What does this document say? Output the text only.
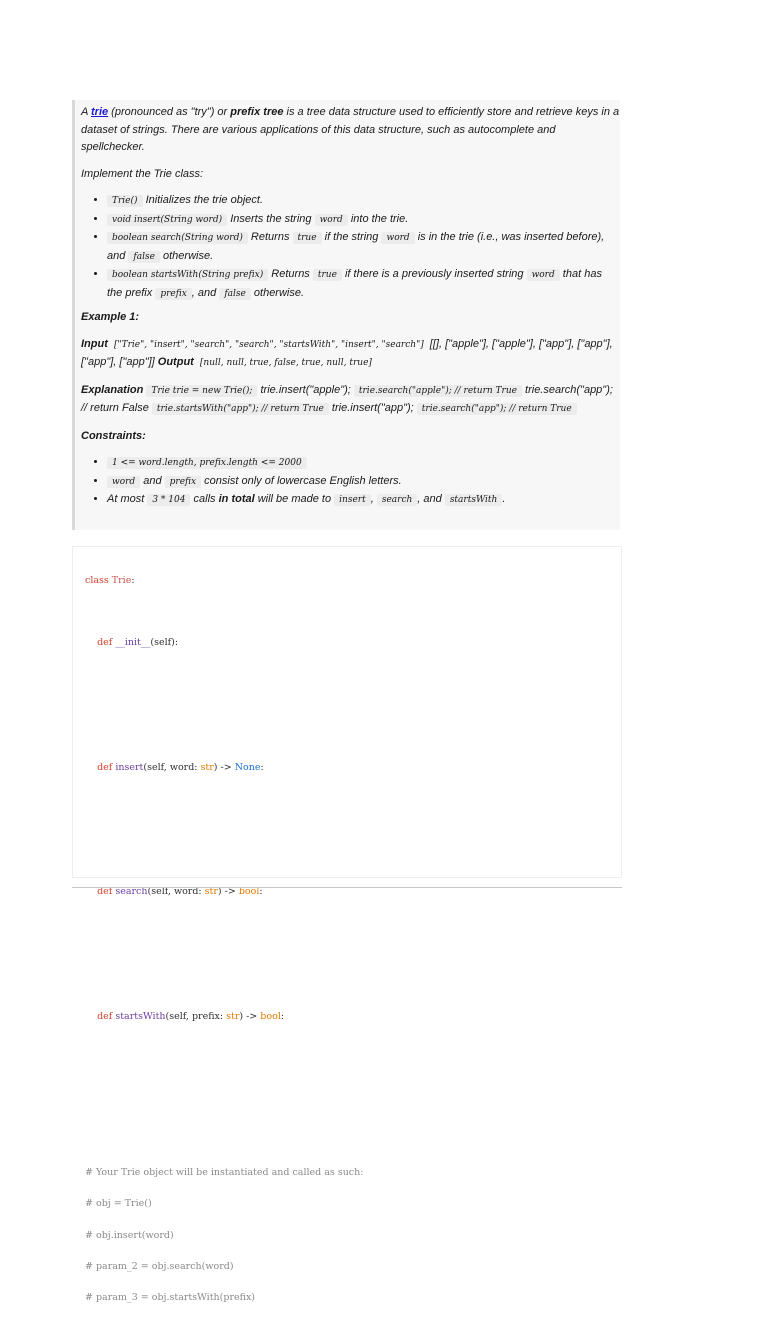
A trie (pronounced as "try") or prefix tree is a tree data structure used to efficiently store and retrieve keys in a dataset of strings. There are various applications of this data structure, such as autocomplete and spellchecker.

Implement the Trie class:

• Trie() Initializes the trie object.
• void insert(String word) Inserts the string word into the trie.
• boolean search(String word) Returns true if the string word is in the trie (i.e., was inserted before), and false otherwise.
• boolean startsWith(String prefix) Returns true if there is a previously inserted string word that has the prefix prefix , and false otherwise.

Example 1:

Input ["Trie", "insert", "search", "search", "startsWith", "insert", "search"] [[], ["apple"], ["apple"], ["app"], ["app"], ["app"], ["app"]] Output [null, null, true, false, true, null, true]

Explanation Trie trie = new Trie(); trie.insert("apple"); trie.search("apple"); // return True trie.search("app"); // return False trie.startsWith("app"); // return True trie.insert("app"); trie.search("app"); // return True

Constraints:

• 1 <= word.length, prefix.length <= 2000
• word and prefix consist only of lowercase English letters.
• At most 3 * 104 calls in total will be made to insert , search , and startsWith .

class Trie:

def __init__(self):

def insert(self, word: str) -> None:

def search(self, word: str) -> bool:

def startsWith(self, prefix: str) -> bool:

# Your Trie object will be instantiated and called as such:

# obj = Trie()

# obj.insert(word)

# param_2 = obj.search(word)

# param_3 = obj.startsWith(prefix)
